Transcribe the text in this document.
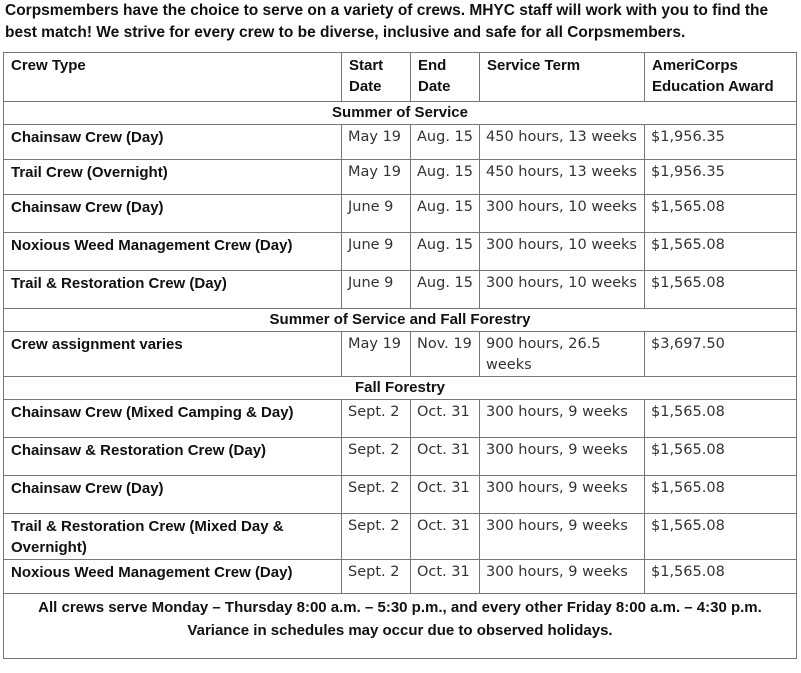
Corpsmembers have the choice to serve on a variety of crews. MHYC staff will work with you to find the best match! We strive for every crew to be diverse, inclusive and safe for all Corpsmembers.
Crew Type	Start Date	End Date	Service Term	AmeriCorps Education Award
Summer of Service				
Chainsaw Crew (Day)	May 19	Aug. 15	450 hours, 13 weeks	$1,956.35
Trail Crew (Overnight)	May 19	Aug. 15	450 hours, 13 weeks	$1,956.35
Chainsaw Crew (Day)	June 9	Aug. 15	300 hours, 10 weeks	$1,565.08
Noxious Weed Management Crew (Day)	June 9	Aug. 15	300 hours, 10 weeks	$1,565.08
Trail & Restoration Crew (Day)	June 9	Aug. 15	300 hours, 10 weeks	$1,565.08
Summer of Service and Fall Forestry				
Crew assignment varies	May 19	Nov. 19	900 hours, 26.5 weeks	$3,697.50
Fall Forestry				
Chainsaw Crew (Mixed Camping & Day)	Sept. 2	Oct. 31	300 hours, 9 weeks	$1,565.08
Chainsaw & Restoration Crew (Day)	Sept. 2	Oct. 31	300 hours, 9 weeks	$1,565.08
Chainsaw Crew (Day)	Sept. 2	Oct. 31	300 hours, 9 weeks	$1,565.08
Trail & Restoration Crew (Mixed Day & Overnight)	Sept. 2	Oct. 31	300 hours, 9 weeks	$1,565.08
Noxious Weed Management Crew (Day)	Sept. 2	Oct. 31	300 hours, 9 weeks	$1,565.08

All crews serve Monday – Thursday 8:00 a.m. – 5:30 p.m., and every other Friday 8:00 a.m. – 4:30 p.m.
Variance in schedules may occur due to observed holidays.				
